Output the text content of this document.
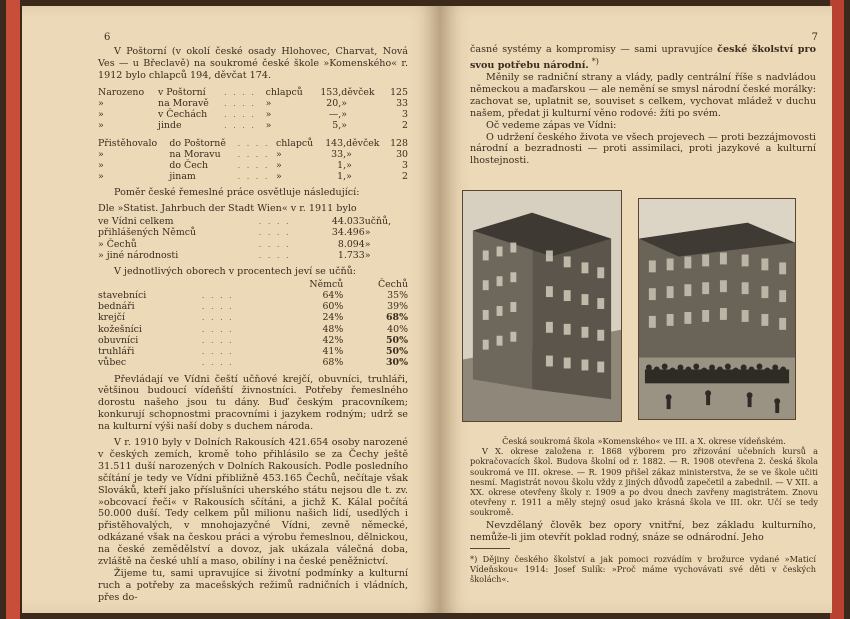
6

V Poštorní (v okolí české osady Hlohovec, Charvat, Nová Ves — u Břeclavě) na soukromé české škole »Komenského« r. 1912 bylo chlapců 194, děvčat 174.

Narozeno	v Poštorní	. . . .	chlapců	153,	děvček	125
»	na Moravě	. . . .	»	20,	»	33
»	v Čechách	. . . .	»	—,	»	3
»	jinde	. . . .	»	5,	»	2
Přistěhovalo	do Poštorně	. . . .	chlapců	143,	děvček	128
»	na Moravu	. . . .	»	33,	»	30
»	do Čech	. . . .	»	1,	»	3
»	jinam	. . . .	»	1,	»	2

Poměr české řemeslné práce osvětluje následující:

Dle »Statist. Jahrbuch der Stadt Wien« v r. 1911 bylo

ve Vídni celkem	. . . .	44.033	učňů,
přihlášených Němců	. . . .	34.496	»
» Čechů	. . . .	8.094	»
» jiné národnosti	. . . .	1.733	»

V jednotlivých oborech v procentech jeví se učňů:

		Němců	Čechů
stavebníci	. . . .	64%	35%
bednáři	. . . .	60%	39%
krejčí	. . . .	24%	68%
kožešníci	. . . .	48%	40%
obuvníci	. . . .	42%	50%
truhláři	. . . .	41%	50%
vůbec	. . . .	68%	30%

Převládají ve Vídni čeští učňové krejčí, obuvníci, truhláři, většinou budoucí vídeňští živnostníci. Potřeby řemeslného dorostu našeho jsou tu dány. Buď českým pracovníkem; konkurují schopnostmi pracovními i jazykem rodným; udrž se na kulturní výši naší doby s duchem národa.

V r. 1910 byly v Dolních Rakousích 421.654 osoby narozené v českých zemích, kromě toho přihlásilo se za Čechy ještě 31.511 duší narozených v Dolních Rakousích. Podle posledního sčítání je tedy ve Vídni přibližně 453.165 Čechů, nečítaje však Slováků, kteří jako příslušníci uherského státu nejsou dle t. zv. »obcovací řeči« v Rakousích sčítáni, a jichž K. Kálal počítá 50.000 duší. Tedy celkem půl milionu našich lidí, usedlých i přistěhovalých, v mnohojazyčné Vídni, zevně německé, odkázané však na českou práci a výrobu řemeslnou, dělnickou, na české zemědělství a dovoz, jak ukázala válečná doba, zvláště na české uhlí a maso, obilíny i na české peněžnictví.

Žijeme tu, sami upravujíce si životní podmínky a kulturní ruch a potřeby za macešských režimů radničních i vládních, přes do-

7

časné systémy a kompromisy — sami upravujíce české školství pro svou potřebu národní. *)

Měnily se radniční strany a vlády, padly centrální říše s nadvládou německou a maďarskou — ale nemění se smysl národní české morálky: zachovat se, uplatnit se, souviset s celkem, vychovat mládež v duchu našem, předat ji kulturní věno rodové: žíti po svém.

Oč vedeme zápas ve Vídni:

O udržení českého života ve všech projevech — proti bezzájmovosti národní a bezradnosti — proti assimilaci, proti jazykové a kulturní lhostejnosti.

Česká soukromá škola »Komenského« ve III. a X. okrese vídeňském.

V X. okrese založena r. 1868 výborem pro zřizování učebních kursů a pokračovacích škol. Budova školní od r. 1882. — R. 1908 otevřena 2. česká škola soukromá ve III. okrese. — R. 1909 přišel zákaz ministerstva, že se ve škole učiti nesmí. Magistrát novou školu vždy z jiných důvodů zapečetil a zabednil. — V XII. a XX. okrese otevřeny školy r. 1909 a po dvou dnech zavřeny magistrátem. Znovu otevřeny r. 1911 a měly stejný osud jako krásná škola ve III. okr. Učí se tedy soukromě.

Nevzdělaný člověk bez opory vnitřní, bez základu kulturního, nemůže-li jim otevřít poklad rodný, snáze se odnárodní. Jeho

*) Dějiny českého školství a jak pomoci rozvádím v brožurce vydané »Maticí Vídeňskou« 1914: Josef Sulík: »Proč máme vychovávati své děti v českých školách«.
